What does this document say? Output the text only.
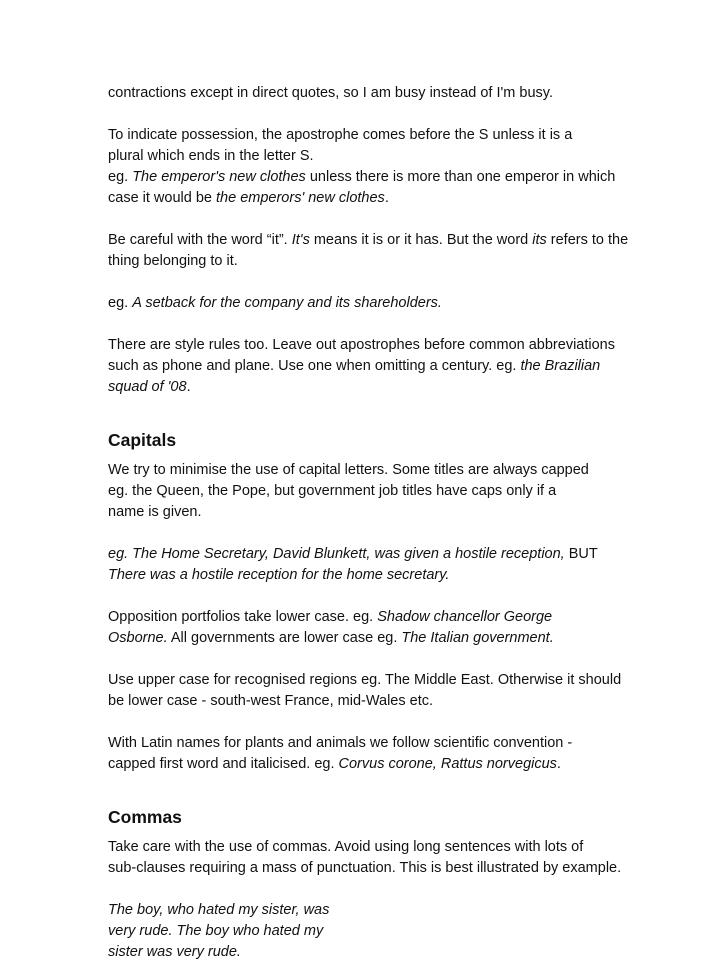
contractions except in direct quotes, so I am busy instead of I'm busy.

To indicate possession, the apostrophe comes before the S unless it is a

plural which ends in the letter S.

eg. The emperor's new clothes unless there is more than one emperor in which

case it would be the emperors' new clothes.

Be careful with the word “it”. It's means it is or it has. But the word its refers to the

thing belonging to it.

eg. A setback for the company and its shareholders.

There are style rules too. Leave out apostrophes before common abbreviations

such as phone and plane. Use one when omitting a century. eg. the Brazilian

squad of '08.

Capitals

We try to minimise the use of capital letters. Some titles are always capped

eg. the Queen, the Pope, but government job titles have caps only if a

name is given.

eg. The Home Secretary, David Blunkett, was given a hostile reception, BUT

There was a hostile reception for the home secretary.

Opposition portfolios take lower case. eg. Shadow chancellor George

Osborne. All governments are lower case eg. The Italian government.

Use upper case for recognised regions eg. The Middle East. Otherwise it should

be lower case - south-west France, mid-Wales etc.

With Latin names for plants and animals we follow scientific convention -

capped first word and italicised. eg. Corvus corone, Rattus norvegicus.

Commas

Take care with the use of commas. Avoid using long sentences with lots of

sub-clauses requiring a mass of punctuation. This is best illustrated by example.

The boy, who hated my sister, was

very rude. The boy who hated my

sister was very rude.
